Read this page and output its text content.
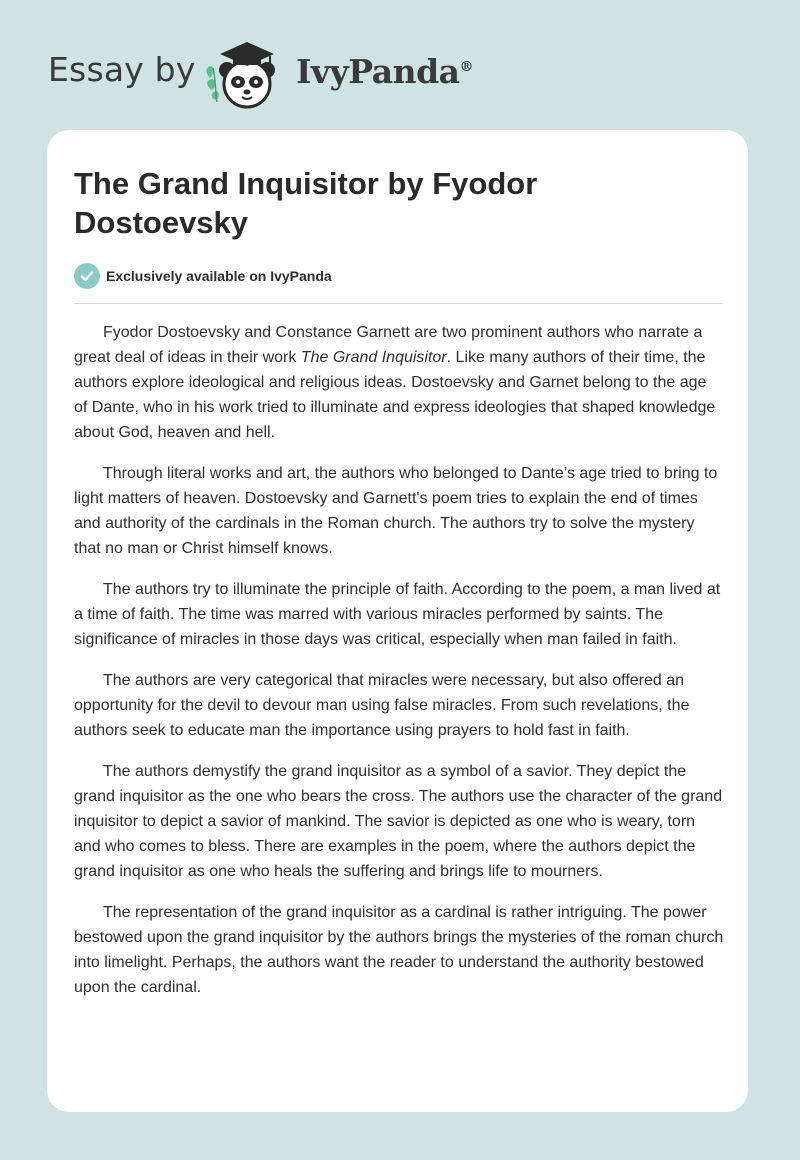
Essay by	IvyPanda®
The Grand Inquisitor by Fyodor Dostoevsky
Exclusively available on IvyPanda

Fyodor Dostoevsky and Constance Garnett are two prominent authors who narrate a great deal of ideas in their work The Grand Inquisitor. Like many authors of their time, the authors explore ideological and religious ideas. Dostoevsky and Garnet belong to the age of Dante, who in his work tried to illuminate and express ideologies that shaped knowledge about God, heaven and hell.

Through literal works and art, the authors who belonged to Dante’s age tried to bring to light matters of heaven. Dostoevsky and Garnett's poem tries to explain the end of times and authority of the cardinals in the Roman church. The authors try to solve the mystery that no man or Christ himself knows.

The authors try to illuminate the principle of faith. According to the poem, a man lived at a time of faith. The time was marred with various miracles performed by saints. The significance of miracles in those days was critical, especially when man failed in faith.

The authors are very categorical that miracles were necessary, but also offered an opportunity for the devil to devour man using false miracles. From such revelations, the authors seek to educate man the importance using prayers to hold fast in faith.

The authors demystify the grand inquisitor as a symbol of a savior. They depict the grand inquisitor as the one who bears the cross. The authors use the character of the grand inquisitor to depict a savior of mankind. The savior is depicted as one who is weary, torn and who comes to bless. There are examples in the poem, where the authors depict the grand inquisitor as one who heals the suffering and brings life to mourners.

The representation of the grand inquisitor as a cardinal is rather intriguing. The power bestowed upon the grand inquisitor by the authors brings the mysteries of the roman church into limelight. Perhaps, the authors want the reader to understand the authority bestowed upon the cardinal.
